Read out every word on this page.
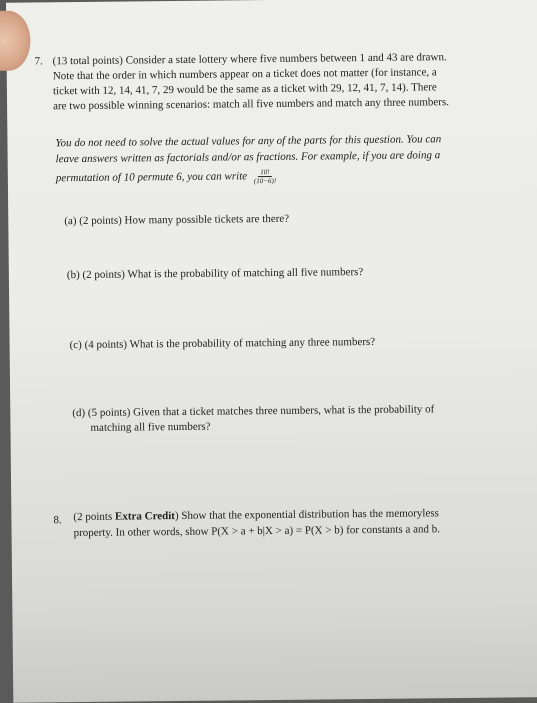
7. (13 total points) Consider a state lottery where five numbers between 1 and 43 are drawn.
Note that the order in which numbers appear on a ticket does not matter (for instance, a
ticket with 12, 14, 41, 7, 29 would be the same as a ticket with 29, 12, 41, 7, 14). There
are two possible winning scenarios: match all five numbers and match any three numbers.
You do not need to solve the actual values for any of the parts for this question. You can
leave answers written as factorials and/or as fractions. For example, if you are doing a
permutation of 10 permute 6, you can write $\frac{10!}{(10-6)!}$
(a) (2 points) How many possible tickets are there?
(b) (2 points) What is the probability of matching all five numbers?
(c) (4 points) What is the probability of matching any three numbers?
(d) (5 points) Given that a ticket matches three numbers, what is the probability of
matching all five numbers?
8. (2 points Extra Credit) Show that the exponential distribution has the memoryless
property. In other words, show P(X > a + b|X > a) = P(X > b) for constants a and b.
